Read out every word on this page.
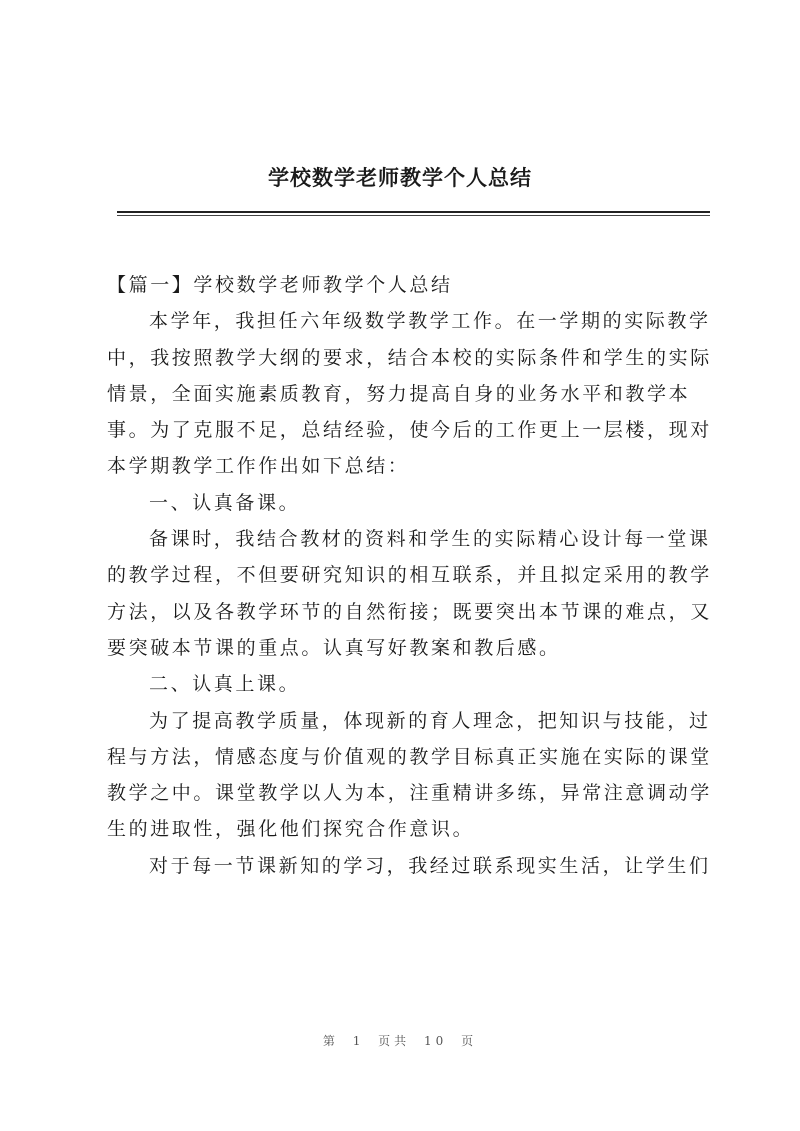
学校数学老师教学个人总结
【篇一】学校数学老师教学个人总结
本学年，我担任六年级数学教学工作。在一学期的实际教学
中，我按照教学大纲的要求，结合本校的实际条件和学生的实际
情景，全面实施素质教育，努力提高自身的业务水平和教学本
事。为了克服不足，总结经验，使今后的工作更上一层楼，现对
本学期教学工作作出如下总结：
一、认真备课。
备课时，我结合教材的资料和学生的实际精心设计每一堂课
的教学过程，不但要研究知识的相互联系，并且拟定采用的教学
方法，以及各教学环节的自然衔接；既要突出本节课的难点，又
要突破本节课的重点。认真写好教案和教后感。
二、认真上课。
为了提高教学质量，体现新的育人理念，把知识与技能，过
程与方法，情感态度与价值观的教学目标真正实施在实际的课堂
教学之中。课堂教学以人为本，注重精讲多练，异常注意调动学
生的进取性，强化他们探究合作意识。
对于每一节课新知的学习，我经过联系现实生活，让学生们
第 1 页共 10 页
